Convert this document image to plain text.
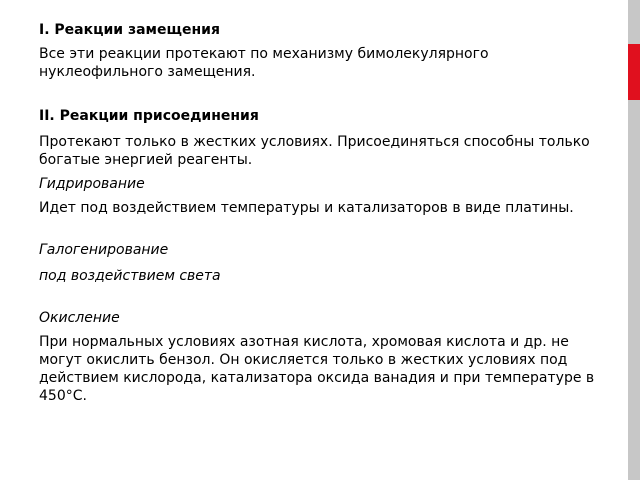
I. Реакции замещения

Все эти реакции протекают по механизму бимолекулярного нуклеофильного замещения.

II. Реакции присоединения

Протекают только в жестких условиях. Присоединяться способны только богатые энергией реагенты.

Гидрирование

Идет под воздействием температуры и катализаторов в виде платины.

Галогенирование

под воздействием света

Окисление

При нормальных условиях азотная кислота, хромовая кислота и др. не могут окислить бензол. Он окисляется только в жестких условиях под действием кислорода, катализатора оксида ванадия и при температуре в 450°С.
